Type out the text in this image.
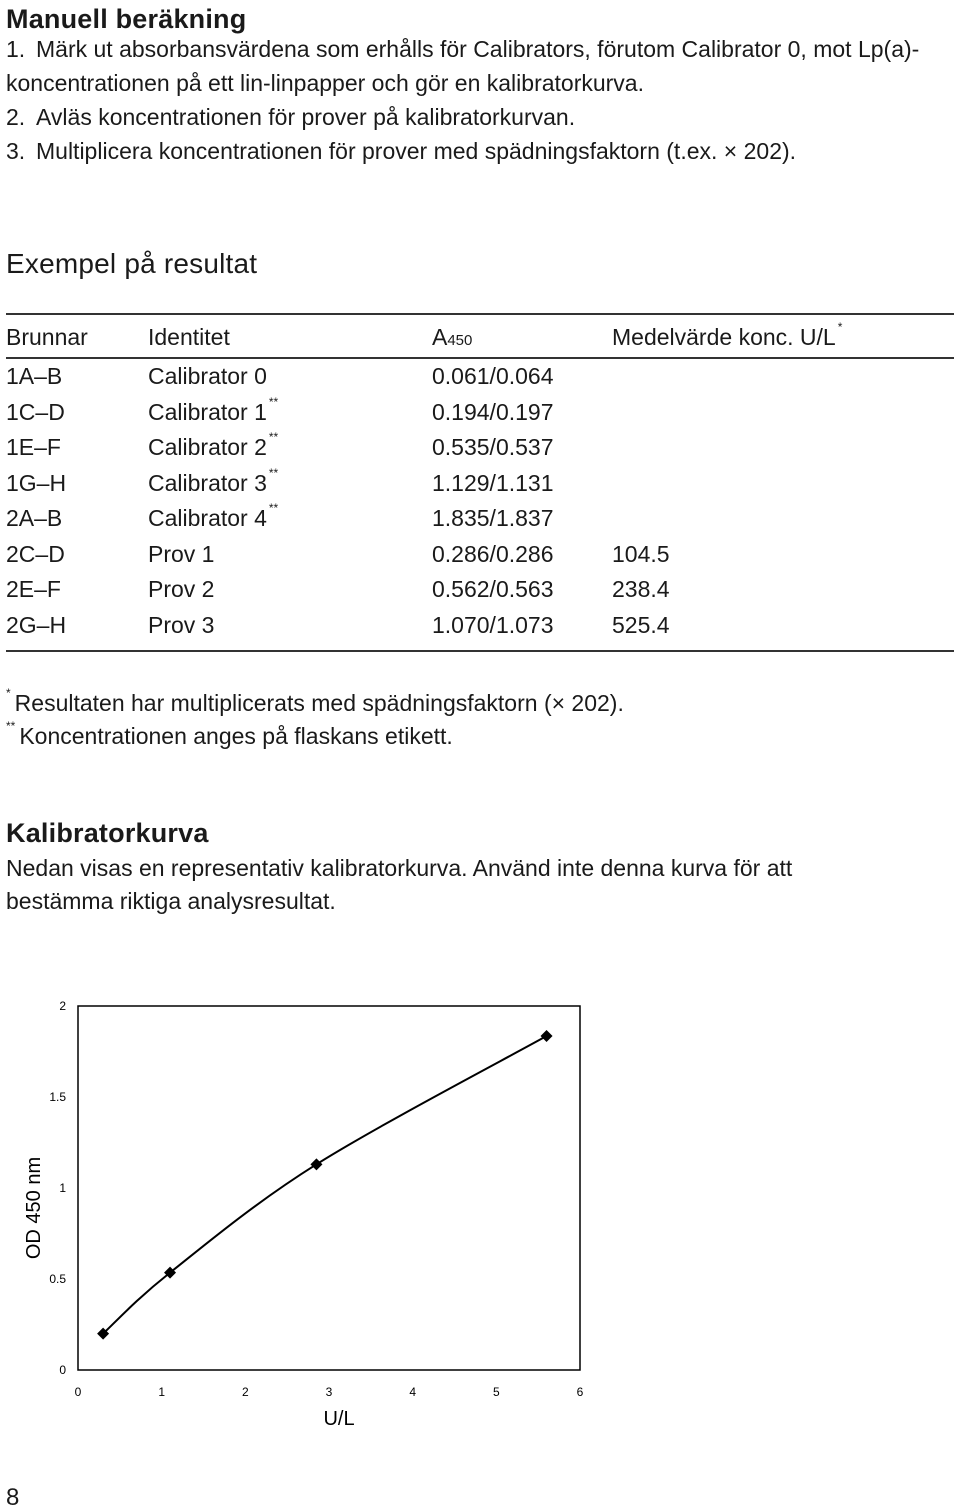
Manuell beräkning
1. Märk ut absorbansvärdena som erhålls för Calibrators, förutom Calibrator 0, mot Lp(a)-
koncentrationen på ett lin-linpapper och gör en kalibratorkurva.
2. Avläs koncentrationen för prover på kalibratorkurvan.
3. Multiplicera koncentrationen för prover med spädningsfaktorn (t.ex. × 202).
Exempel på resultat
Brunnar	Identitet	A450	Medelvärde konc. U/L *
1A–B	Calibrator 0	0.061/0.064
1C–D	Calibrator 1 **	0.194/0.197
1E–F	Calibrator 2 **	0.535/0.537
1G–H	Calibrator 3 **	1.129/1.131
2A–B	Calibrator 4 **	1.835/1.837
2C–D	Prov 1	0.286/0.286	104.5
2E–F	Prov 2	0.562/0.563	238.4
2G–H	Prov 3	1.070/1.073	525.4
* Resultaten har multiplicerats med spädningsfaktorn (× 202).
** Koncentrationen anges på flaskans etikett.
Kalibratorkurva
Nedan visas en representativ kalibratorkurva. Använd inte denna kurva för att
bestämma riktiga analysresultat.
0	1	2	3	4	5	6
0
0.5
1
1.5
2
U/L
OD 450 nm
8
